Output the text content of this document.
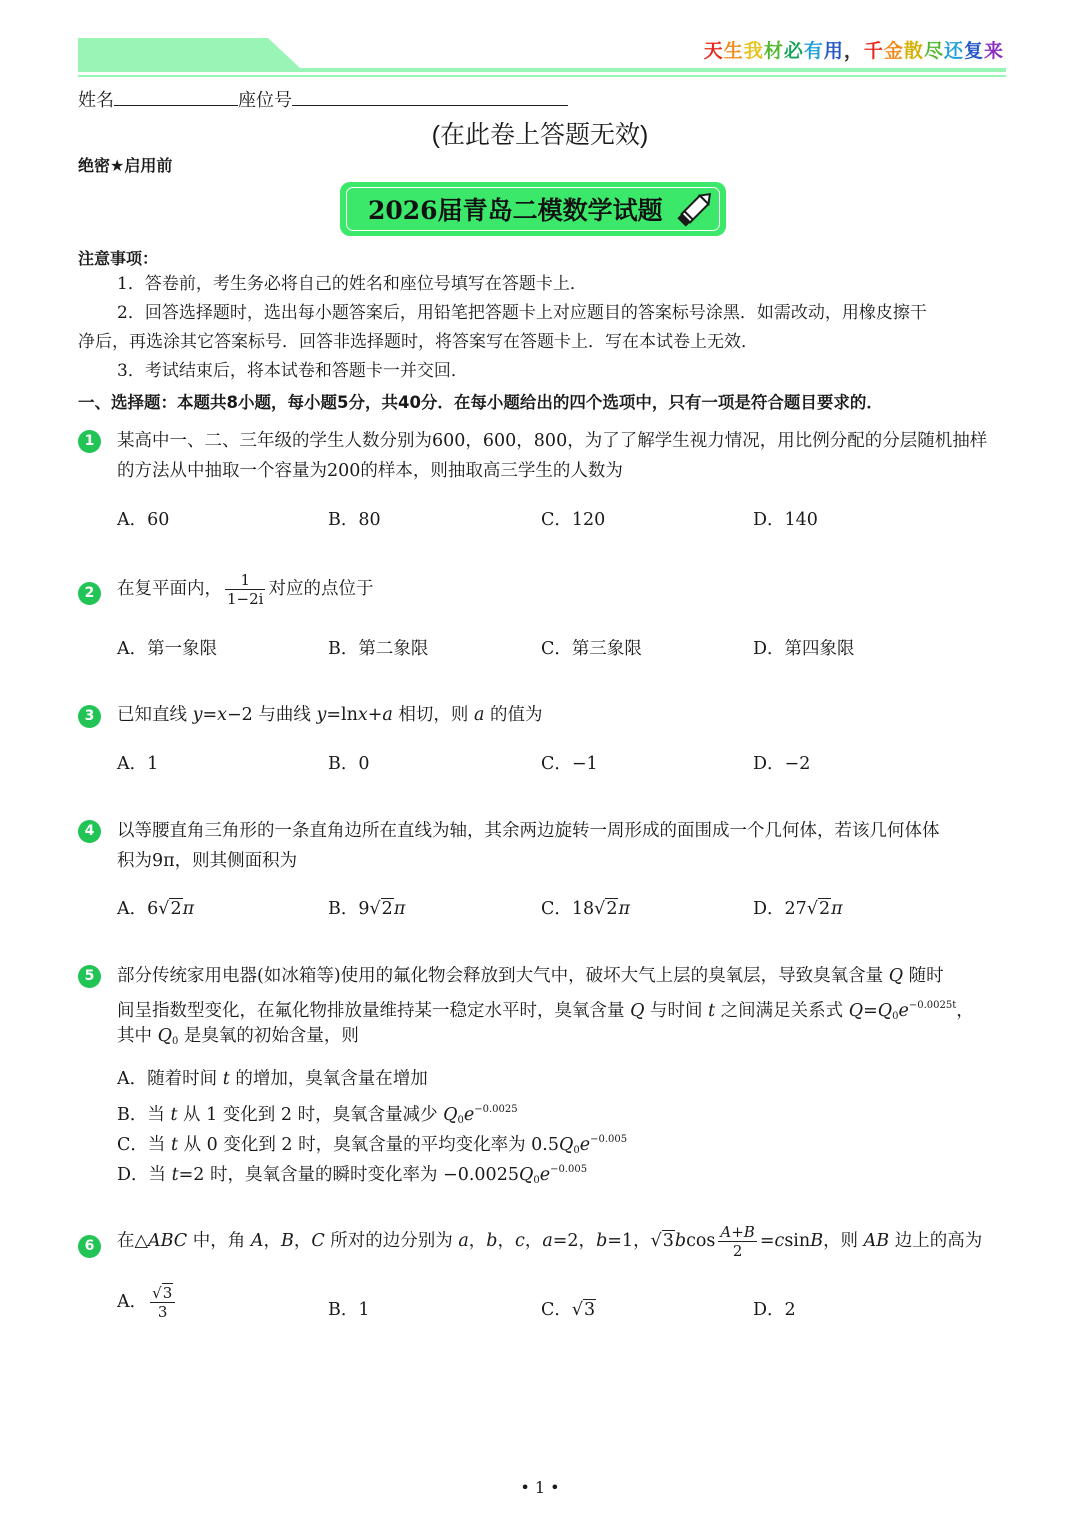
天生我材必有用，千金散尽还复来
姓名	座位号
(在此卷上答题无效)
绝密★启用前
2026届青岛二模数学试题
注意事项：
1．答卷前，考生务必将自己的姓名和座位号填写在答题卡上．
2．回答选择题时，选出每小题答案后，用铅笔把答题卡上对应题目的答案标号涂黑．如需改动，用橡皮擦干
净后，再选涂其它答案标号．回答非选择题时，将答案写在答题卡上．写在本试卷上无效．
3．考试结束后，将本试卷和答题卡一并交回．
一、选择题：本题共8小题，每小题5分，共40分．在每小题给出的四个选项中，只有一项是符合题目要求的．
1	某高中一、二、三年级的学生人数分别为600，600，800，为了了解学生视力情况，用比例分配的分层随机抽样
的方法从中抽取一个容量为200的样本，则抽取高三学生的人数为
A．60	B．80	C．120	D．140
2	在复平面内， $\frac{1}{1-2i}$ 对应的点位于
A．第一象限	B．第二象限	C．第三象限	D．第四象限
3	已知直线 y=x−2 与曲线 y=lnx+a 相切，则 a 的值为
A．1	B．0	C．−1	D．−2
4	以等腰直角三角形的一条直角边所在直线为轴，其余两边旋转一周形成的面围成一个几何体，若该几何体体
积为9π，则其侧面积为
A．6√2π	B．9√2π	C．18√2π	D．27√2π
5	部分传统家用电器(如冰箱等)使用的氟化物会释放到大气中，破坏大气上层的臭氧层，导致臭氧含量 Q 随时
间呈指数型变化，在氟化物排放量维持某一稳定水平时，臭氧含量 Q 与时间 t 之间满足关系式 $Q=Q_0e^{-0.0025t}$，
其中 $Q_0$ 是臭氧的初始含量，则
A．随着时间 t 的增加，臭氧含量在增加
B．当 t 从 1 变化到 2 时，臭氧含量减少 $Q_0e^{-0.0025}$
C．当 t 从 0 变化到 2 时，臭氧含量的平均变化率为 $0.5Q_0e^{-0.005}$
D．当 t=2 时，臭氧含量的瞬时变化率为 $-0.0025Q_0e^{-0.005}$
6	在△ABC 中，角 A，B，C 所对的边分别为 a，b，c，a=2，b=1，$√3bcos \frac{A+B}{2} =csinB$，则 AB 边上的高为
A． $\frac{√3}{3}$	B．1	C．√3	D．2
• 1 •
